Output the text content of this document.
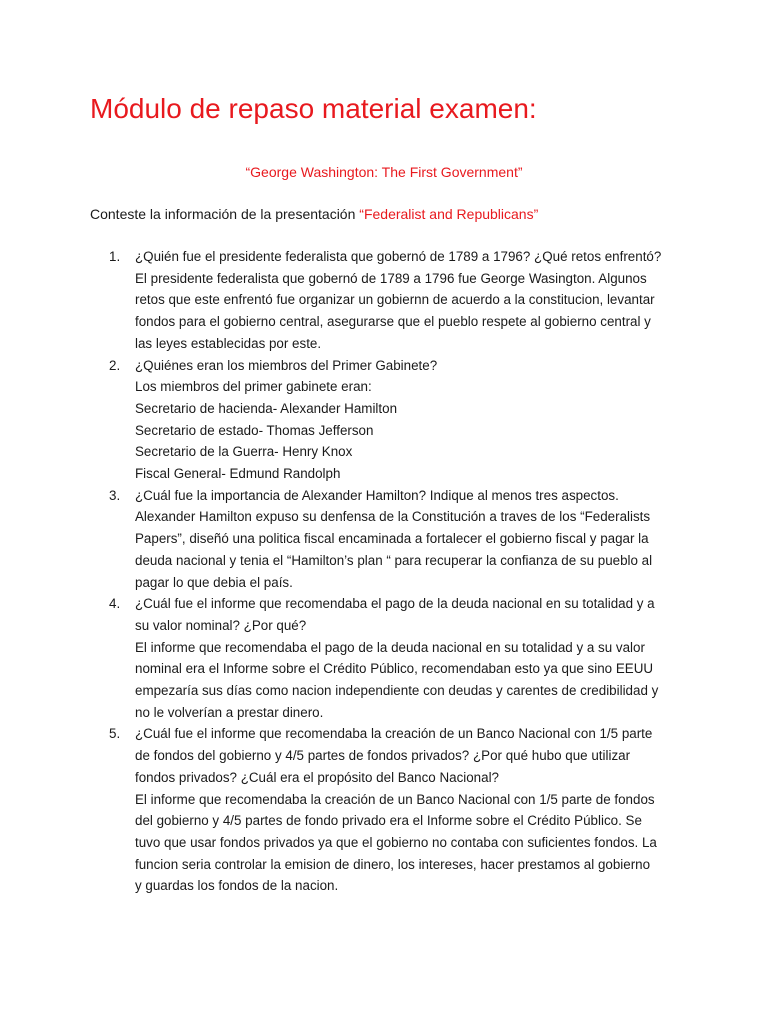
Módulo de repaso material examen:
“George Washington: The First Government”
Conteste la información de la presentación “Federalist and Republicans”
1. ¿Quién fue el presidente federalista que gobernó de 1789 a 1796? ¿Qué retos enfrentó?
El presidente federalista que gobernó de 1789 a 1796 fue George Wasington. Algunos
retos que este enfrentó fue organizar un gobiernn de acuerdo a la constitucion, levantar
fondos para el gobierno central, asegurarse que el pueblo respete al gobierno central y
las leyes establecidas por este.
2. ¿Quiénes eran los miembros del Primer Gabinete?
Los miembros del primer gabinete eran:
Secretario de hacienda- Alexander Hamilton
Secretario de estado- Thomas Jefferson
Secretario de la Guerra- Henry Knox
Fiscal General- Edmund Randolph
3. ¿Cuál fue la importancia de Alexander Hamilton? Indique al menos tres aspectos.
Alexander Hamilton expuso su denfensa de la Constitución a traves de los “Federalists
Papers”, diseñó una politica fiscal encaminada a fortalecer el gobierno fiscal y pagar la
deuda nacional y tenia el “Hamilton’s plan “ para recuperar la confianza de su pueblo al
pagar lo que debia el país.
4. ¿Cuál fue el informe que recomendaba el pago de la deuda nacional en su totalidad y a
su valor nominal? ¿Por qué?
El informe que recomendaba el pago de la deuda nacional en su totalidad y a su valor
nominal era el Informe sobre el Crédito Público, recomendaban esto ya que sino EEUU
empezaría sus días como nacion independiente con deudas y carentes de credibilidad y
no le volverían a prestar dinero.
5. ¿Cuál fue el informe que recomendaba la creación de un Banco Nacional con 1/5 parte
de fondos del gobierno y 4/5 partes de fondos privados? ¿Por qué hubo que utilizar
fondos privados? ¿Cuál era el propósito del Banco Nacional?
El informe que recomendaba la creación de un Banco Nacional con 1/5 parte de fondos
del gobierno y 4/5 partes de fondo privado era el Informe sobre el Crédito Público. Se
tuvo que usar fondos privados ya que el gobierno no contaba con suficientes fondos. La
funcion seria controlar la emision de dinero, los intereses, hacer prestamos al gobierno
y guardas los fondos de la nacion.
